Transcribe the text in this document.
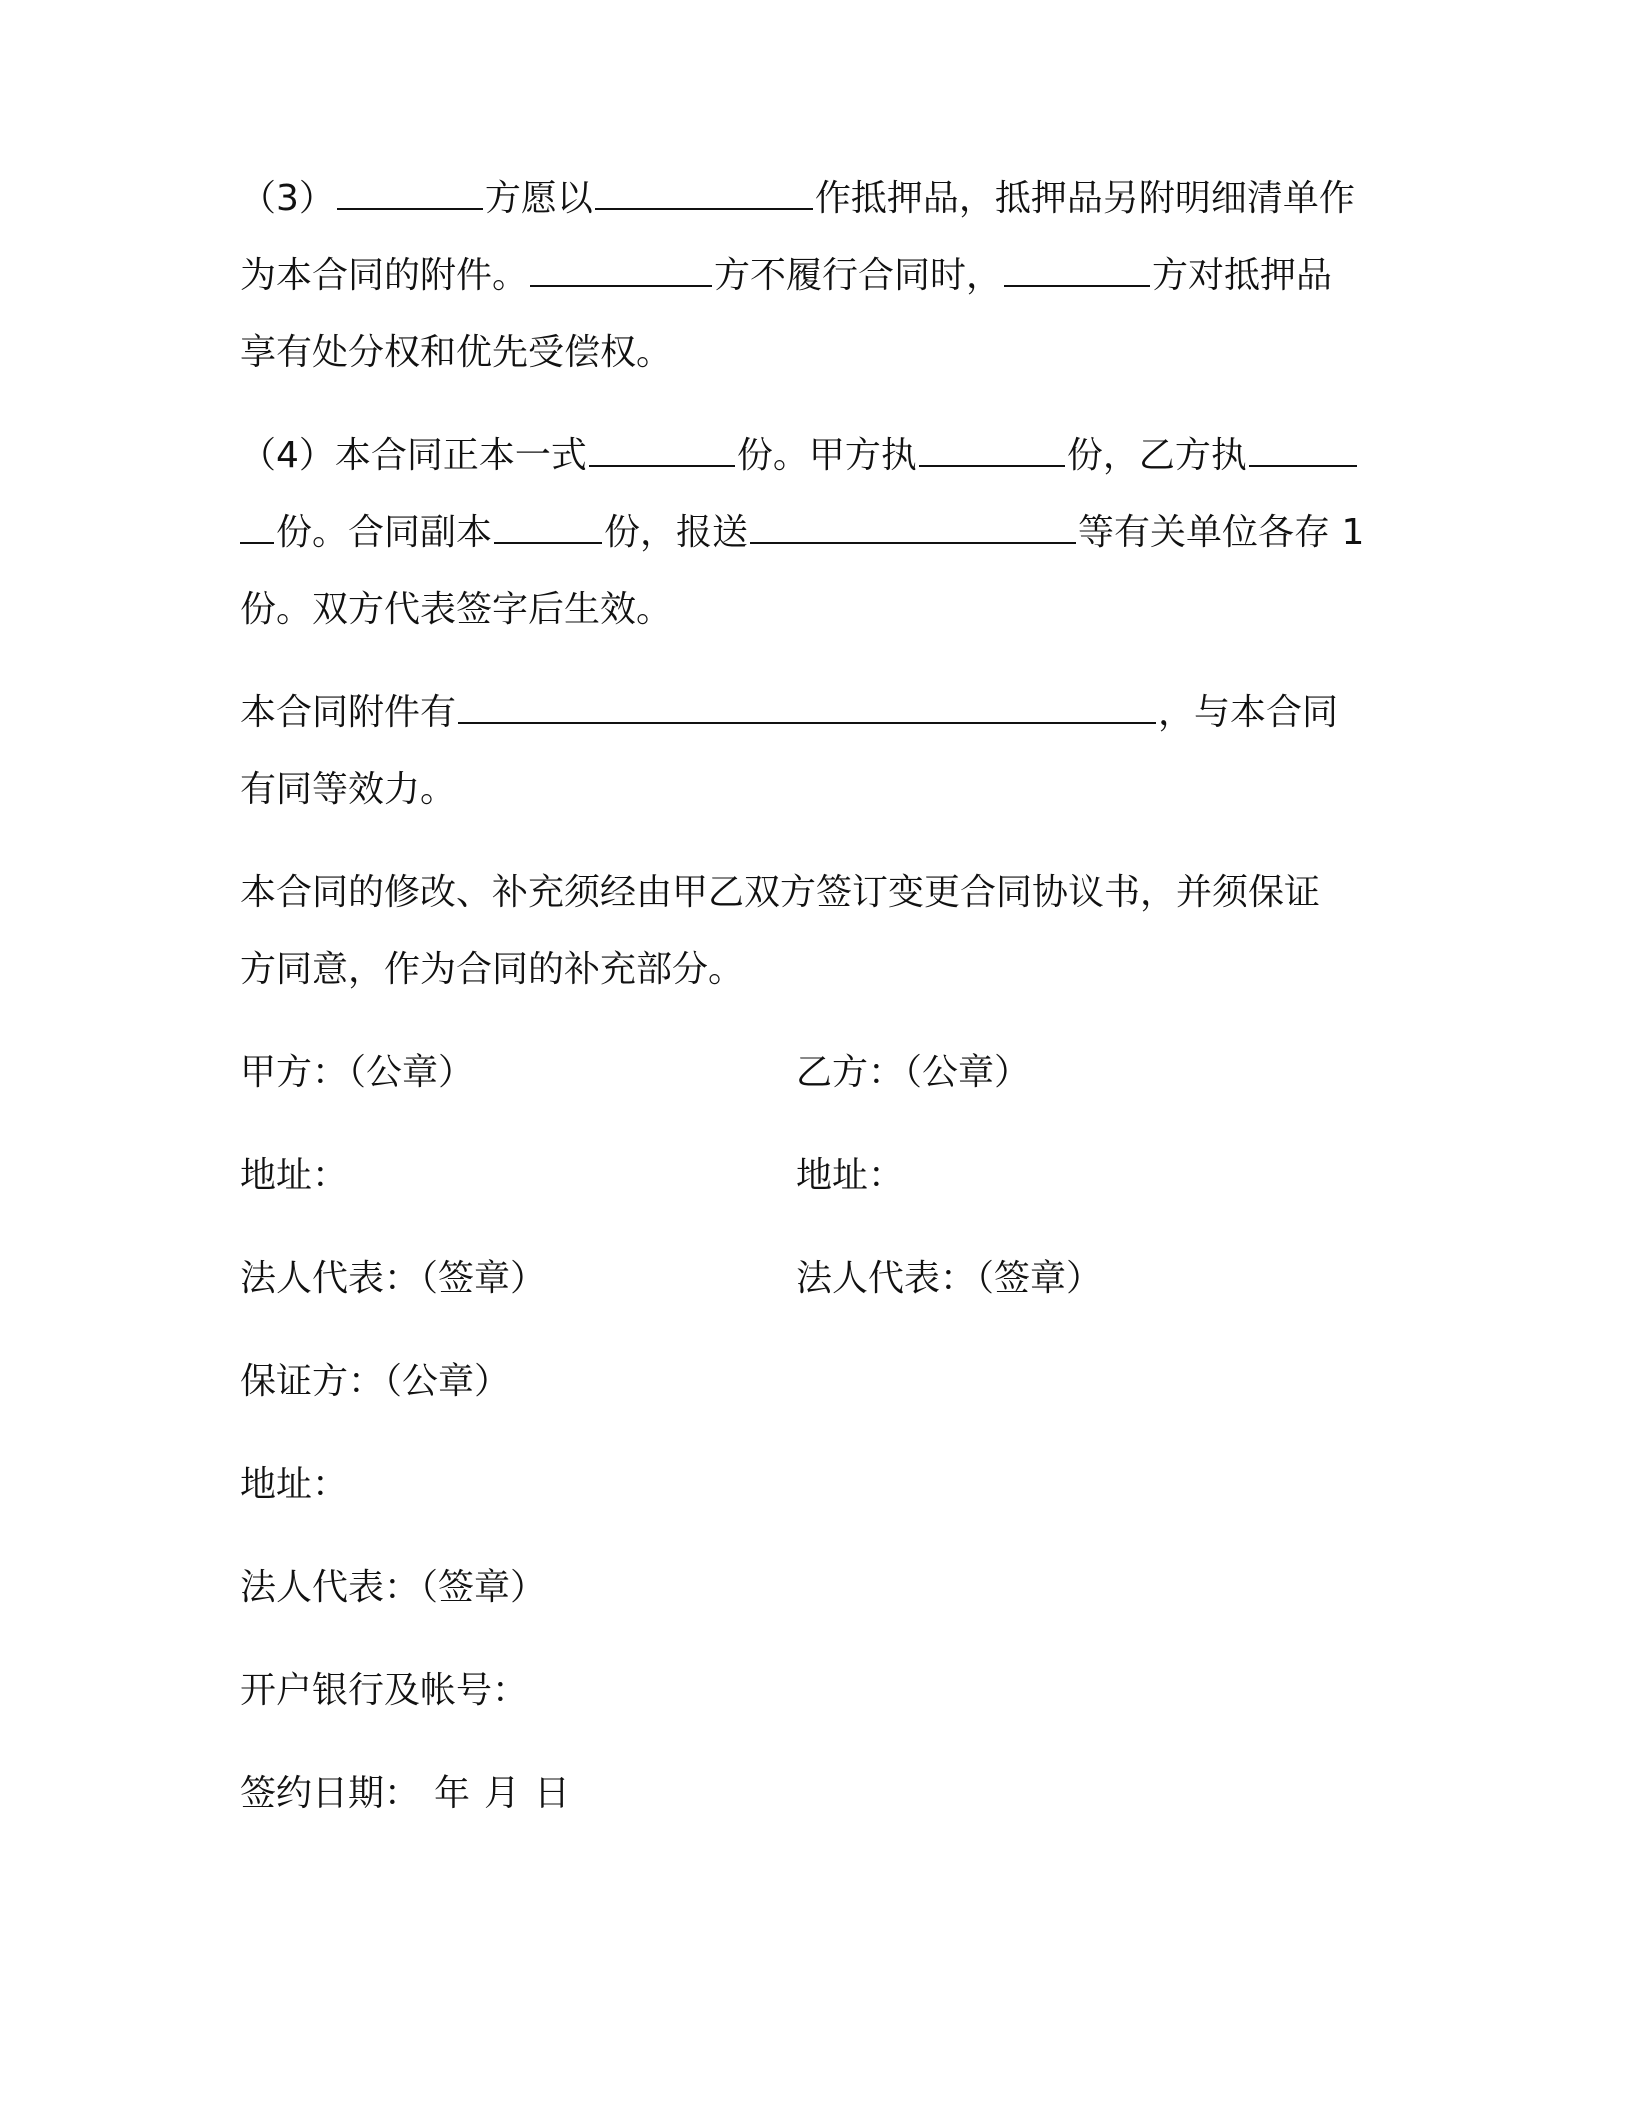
（3）	方愿以	作抵押品，抵押品另附明细清单作
为本合同的附件。	方不履行合同时，	方对抵押品
享有处分权和优先受偿权。
（4）本合同正本一式	份。甲方执	份，乙方执
份。合同副本	份，报送	等有关单位各存 1
份。双方代表签字后生效。
本合同附件有	，与本合同
有同等效力。
本合同的修改、补充须经由甲乙双方签订变更合同协议书，并须保证
方同意，作为合同的补充部分。
甲方：（公章）	乙方：（公章）
地址：	地址：
法人代表：（签章）	法人代表：（签章）
保证方：（公章）
地址：
法人代表：（签章）
开户银行及帐号：
签约日期： 年 月 日
